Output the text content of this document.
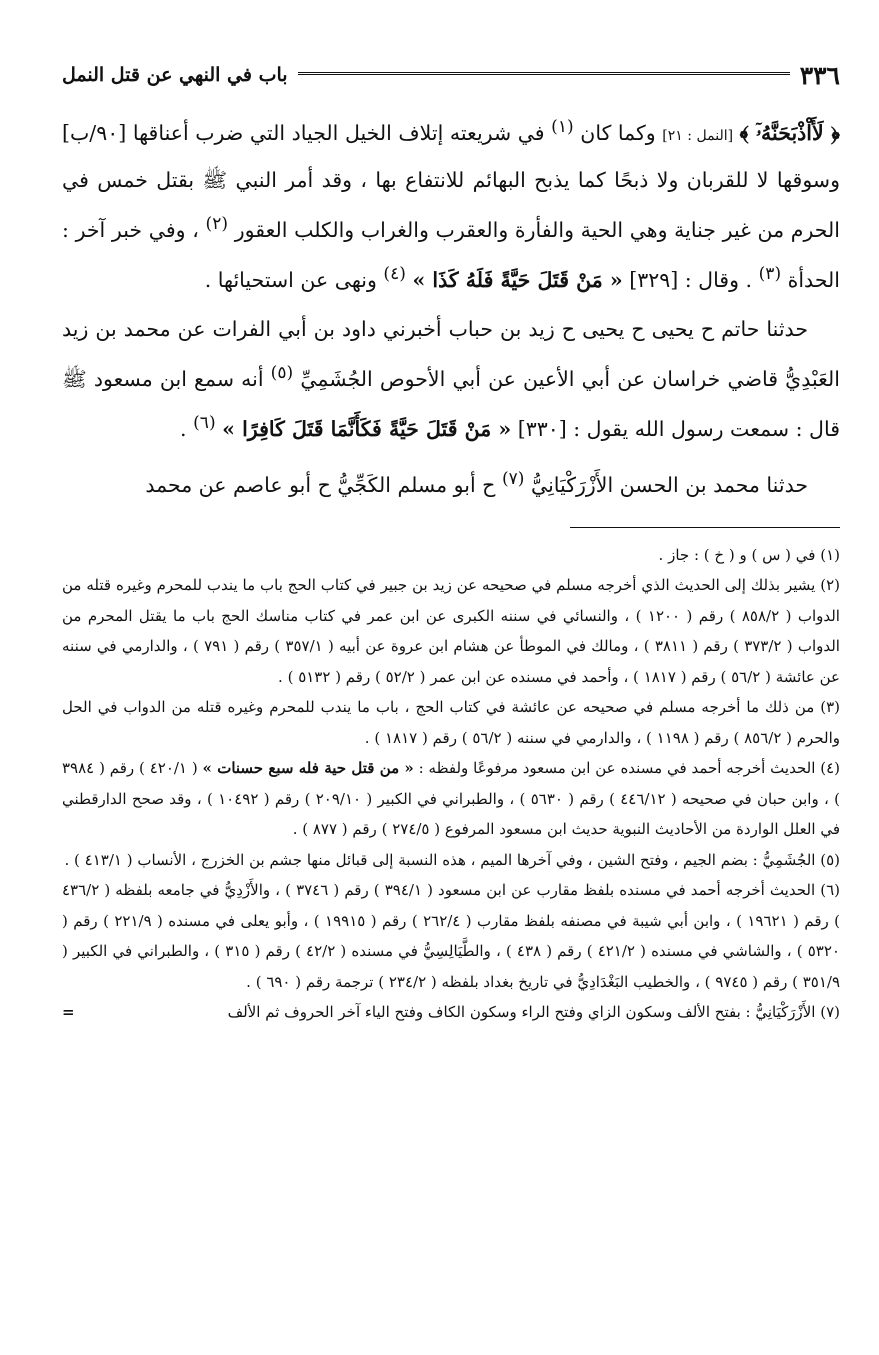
٣٣٦
باب في النهي عن قتل النمل

﴿ لَأَاْذْبَحَنَّهُۥٓ ﴾ [النمل : ٢١] وكما كان $^{(١)}$ في شريعته إتلاف الخيل الجياد التي ضرب أعناقها [٩٠/ب] وسوقها لا للقربان ولا ذبحًا كما يذبح البهائم للانتفاع بها ، وقد أمر النبي ﷺ بقتل خمس في الحرم من غير جناية وهي الحية والفأرة والعقرب والغراب والكلب العقور $^{(٢)}$ ، وفي خبر آخر : الحدأة $^{(٣)}$ . وقال : [٣٢٩] « مَنْ قَتَلَ حَيَّةً فَلَهُ كَذَا » $^{(٤)}$ ونهى عن استحيائها .

حدثنا حاتم ح يحيى ح يحيى ح زيد بن حباب أخبرني داود بن أبي الفرات عن محمد بن زيد العَبْدِيُّ قاضي خراسان عن أبي الأعين عن أبي الأحوص الجُشَمِيِّ $^{(٥)}$ أنه سمع ابن مسعود ﷺ قال : سمعت رسول الله يقول : [٣٣٠] « مَنْ قَتَلَ حَيَّةً فَكَأَنَّمَا قَتَلَ كَافِرًا » $^{(٦)}$ .

حدثنا محمد بن الحسن الأَزْرَكْيَانِيُّ $^{(٧)}$ ح أبو مسلم الكَجِّيُّ ح أبو عاصم عن محمد

(١) في ( س ) و ( خ ) : جاز .

(٢) يشير بذلك إلى الحديث الذي أخرجه مسلم في صحيحه عن زيد بن جبير في كتاب الحج باب ما يندب للمحرم وغيره قتله من الدواب ( ٨٥٨/٢ ) رقم ( ١٢٠٠ ) ، والنسائي في سننه الكبرى عن ابن عمر في كتاب مناسك الحج باب ما يقتل المحرم من الدواب ( ٣٧٣/٢ ) رقم ( ٣٨١١ ) ، ومالك في الموطأ عن هشام ابن عروة عن أبيه ( ٣٥٧/١ ) رقم ( ٧٩١ ) ، والدارمي في سننه عن عائشة ( ٥٦/٢ ) رقم ( ١٨١٧ ) ، وأحمد في مسنده عن ابن عمر ( ٥٢/٢ ) رقم ( ٥١٣٢ ) .

(٣) من ذلك ما أخرجه مسلم في صحيحه عن عائشة في كتاب الحج ، باب ما يندب للمحرم وغيره قتله من الدواب في الحل والحرم ( ٨٥٦/٢ ) رقم ( ١١٩٨ ) ، والدارمي في سننه ( ٥٦/٢ ) رقم ( ١٨١٧ ) .

(٤) الحديث أخرجه أحمد في مسنده عن ابن مسعود مرفوعًا ولفظه : « من قتل حية فله سبع حسنات » ( ٤٢٠/١ ) رقم ( ٣٩٨٤ ) ، وابن حبان في صحيحه ( ٤٤٦/١٢ ) رقم ( ٥٦٣٠ ) ، والطبراني في الكبير ( ٢٠٩/١٠ ) رقم ( ١٠٤٩٢ ) ، وقد صحح الدارقطني في العلل الواردة من الأحاديث النبوية حديث ابن مسعود المرفوع ( ٢٧٤/٥ ) رقم ( ٨٧٧ ) .

(٥) الجُشَمِيُّ : بضم الجيم ، وفتح الشين ، وفي آخرها الميم ، هذه النسبة إلى قبائل منها جشم بن الخزرج ، الأنساب ( ٤١٣/١ ) .

(٦) الحديث أخرجه أحمد في مسنده بلفظ مقارب عن ابن مسعود ( ٣٩٤/١ ) رقم ( ٣٧٤٦ ) ، والأَزْدِيُّ في جامعه بلفظه ( ٤٣٦/٢ ) رقم ( ١٩٦٢١ ) ، وابن أبي شيبة في مصنفه بلفظ مقارب ( ٢٦٢/٤ ) رقم ( ١٩٩١٥ ) ، وأبو يعلى في مسنده ( ٢٢١/٩ ) رقم ( ٥٣٢٠ ) ، والشاشي في مسنده ( ٤٢١/٢ ) رقم ( ٤٣٨ ) ، والطَّيَالِسِيُّ في مسنده ( ٤٢/٢ ) رقم ( ٣١٥ ) ، والطبراني في الكبير ( ٣٥١/٩ ) رقم ( ٩٧٤٥ ) ، والخطيب البَغْدَادِيُّ في تاريخ بغداد بلفظه ( ٢٣٤/٢ ) ترجمة رقم ( ٦٩٠ ) .

(٧) الأَزْرَكْيَانِيُّ : بفتح الألف وسكون الزاي وفتح الراء وسكون الكاف وفتح الياء آخر الحروف ثم الألف
=
